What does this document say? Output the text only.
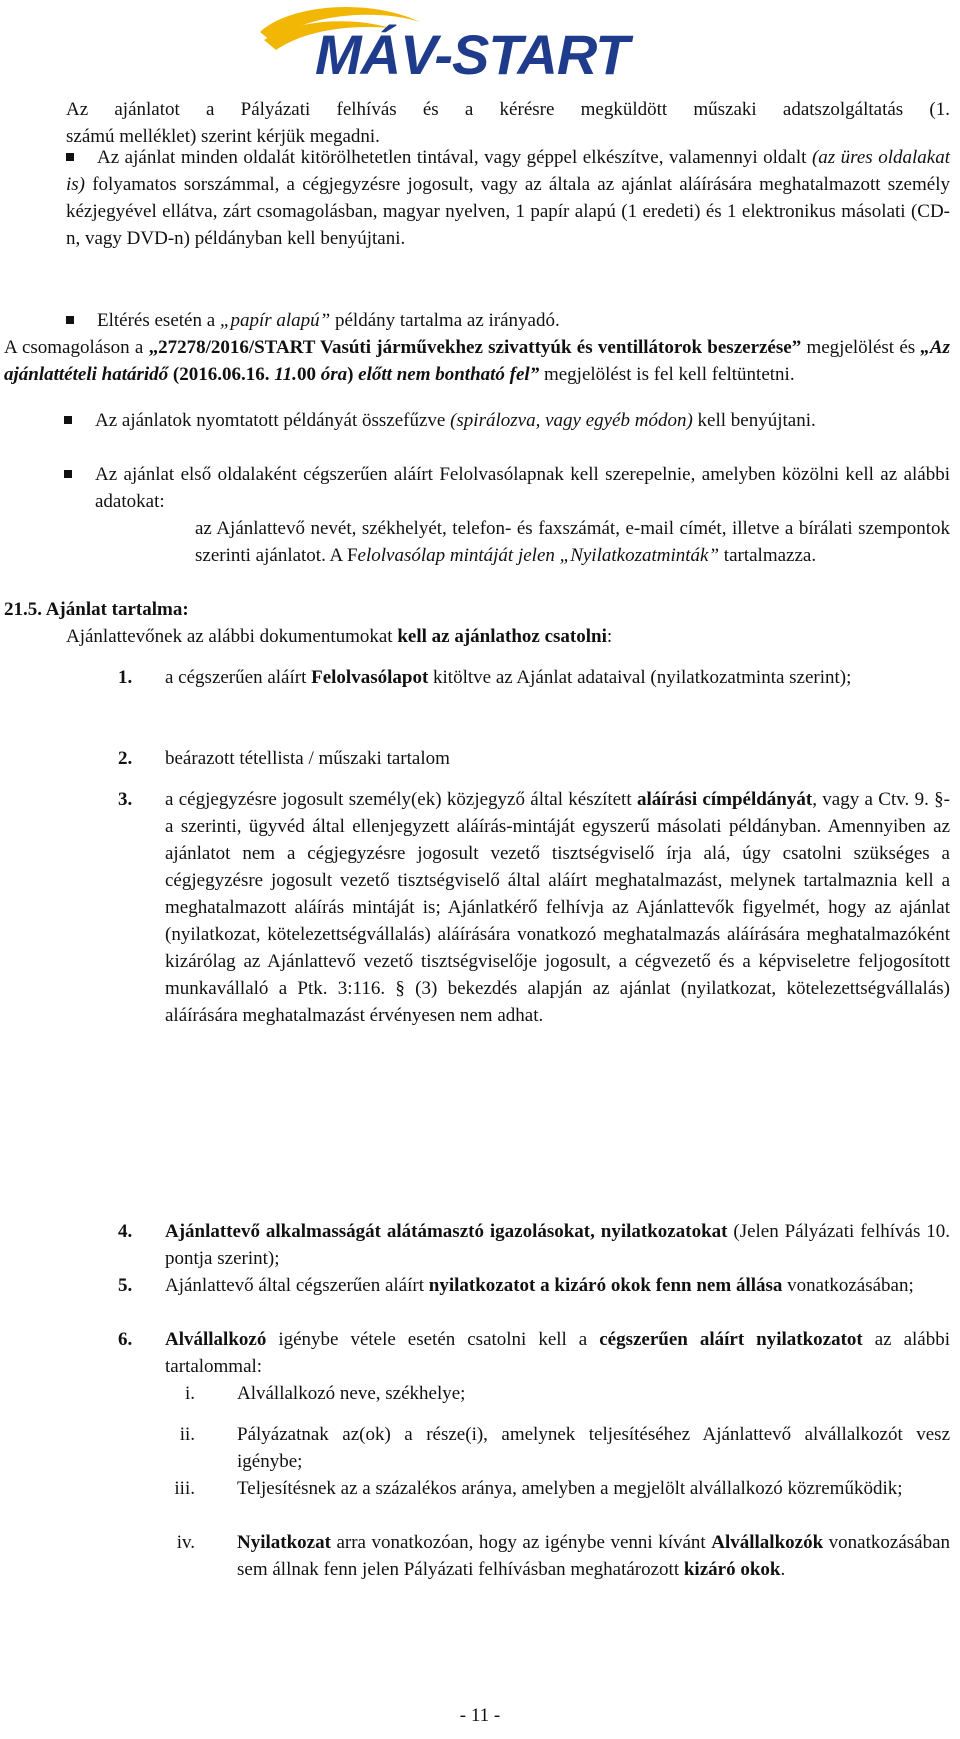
MÁV-START
Az ajánlatot a Pályázati felhívás és a kérésre megküldött műszaki adatszolgáltatás (1.
számú melléklet) szerint kérjük megadni.
Az ajánlat minden oldalát kitörölhetetlen tintával, vagy géppel elkészítve, valamennyi oldalt (az üres oldalakat is) folyamatos sorszámmal, a cégjegyzésre jogosult, vagy az általa az ajánlat aláírására meghatalmazott személy kézjegyével ellátva, zárt csomagolásban, magyar nyelven, 1 papír alapú (1 eredeti) és 1 elektronikus másolati (CD-n, vagy DVD-n) példányban kell benyújtani.
Eltérés esetén a „papír alapú” példány tartalma az irányadó.
A csomagoláson a „27278/2016/START Vasúti járművekhez szivattyúk és ventillátorok beszerzése” megjelölést és „Az ajánlattételi határidő (2016.06.16. 11.00 óra) előtt nem bontható fel” megjelölést is fel kell feltüntetni.
Az ajánlatok nyomtatott példányát összefűzve (spirálozva, vagy egyéb módon) kell benyújtani.
Az ajánlat első oldalaként cégszerűen aláírt Felolvasólapnak kell szerepelnie, amelyben közölni kell az alábbi adatokat:
az Ajánlattevő nevét, székhelyét, telefon- és faxszámát, e-mail címét, illetve a bírálati szempontok szerinti ajánlatot. A Felolvasólap mintáját jelen „Nyilatkozatminták” tartalmazza.
21.5. Ajánlat tartalma:
Ajánlattevőnek az alábbi dokumentumokat kell az ajánlathoz csatolni:
1. a cégszerűen aláírt Felolvasólapot kitöltve az Ajánlat adataival (nyilatkozatminta szerint);
2. beárazott tétellista / műszaki tartalom
3. a cégjegyzésre jogosult személy(ek) közjegyző által készített aláírási címpéldányát, vagy a Ctv. 9. §-a szerinti, ügyvéd által ellenjegyzett aláírás-mintáját egyszerű másolati példányban. Amennyiben az ajánlatot nem a cégjegyzésre jogosult vezető tisztségviselő írja alá, úgy csatolni szükséges a cégjegyzésre jogosult vezető tisztségviselő által aláírt meghatalmazást, melynek tartalmaznia kell a meghatalmazott aláírás mintáját is; Ajánlatkérő felhívja az Ajánlattevők figyelmét, hogy az ajánlat (nyilatkozat, kötelezettségvállalás) aláírására vonatkozó meghatalmazás aláírására meghatalmazóként kizárólag az Ajánlattevő vezető tisztségviselője jogosult, a cégvezető és a képviseletre feljogosított munkavállaló a Ptk. 3:116. § (3) bekezdés alapján az ajánlat (nyilatkozat, kötelezettségvállalás) aláírására meghatalmazást érvényesen nem adhat.
4. Ajánlattevő alkalmasságát alátámasztó igazolásokat, nyilatkozatokat (Jelen Pályázati felhívás 10. pontja szerint);
5. Ajánlattevő által cégszerűen aláírt nyilatkozatot a kizáró okok fenn nem állása vonatkozásában;
6. Alvállalkozó igénybe vétele esetén csatolni kell a cégszerűen aláírt nyilatkozatot az alábbi tartalommal:
i. Alvállalkozó neve, székhelye;
ii. Pályázatnak az(ok) a része(i), amelynek teljesítéséhez Ajánlattevő alvállalkozót vesz igénybe;
iii. Teljesítésnek az a százalékos aránya, amelyben a megjelölt alvállalkozó közreműködik;
iv. Nyilatkozat arra vonatkozóan, hogy az igénybe venni kívánt Alvállalkozók vonatkozásában sem állnak fenn jelen Pályázati felhívásban meghatározott kizáró okok.
- 11 -
